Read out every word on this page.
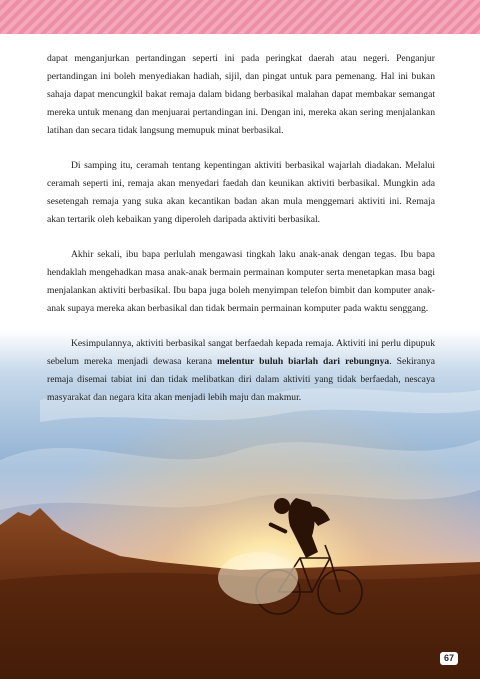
dapat menganjurkan pertandingan seperti ini pada peringkat daerah atau negeri. Penganjur pertandingan ini boleh menyediakan hadiah, sijil, dan pingat untuk para pemenang. Hal ini bukan sahaja dapat mencungkil bakat remaja dalam bidang berbasikal malahan dapat membakar semangat mereka untuk menang dan menjuarai pertandingan ini. Dengan ini, mereka akan sering menjalankan latihan dan secara tidak langsung memupuk minat berbasikal.

Di samping itu, ceramah tentang kepentingan aktiviti berbasikal wajarlah diadakan. Melalui ceramah seperti ini, remaja akan menyedari faedah dan keunikan aktiviti berbasikal. Mungkin ada sesetengah remaja yang suka akan kecantikan badan akan mula menggemari aktiviti ini. Remaja akan tertarik oleh kebaikan yang diperoleh daripada aktiviti berbasikal.

Akhir sekali, ibu bapa perlulah mengawasi tingkah laku anak-anak dengan tegas. Ibu bapa hendaklah mengehadkan masa anak-anak bermain permainan komputer serta menetapkan masa bagi menjalankan aktiviti berbasikal. Ibu bapa juga boleh menyimpan telefon bimbit dan komputer anak-anak supaya mereka akan berbasikal dan tidak bermain permainan komputer pada waktu senggang.

Kesimpulannya, aktiviti berbasikal sangat berfaedah kepada remaja. Aktiviti ini perlu dipupuk sebelum mereka menjadi dewasa kerana melentur buluh biarlah dari rebungnya. Sekiranya remaja disemai tabiat ini dan tidak melibatkan diri dalam aktiviti yang tidak berfaedah, nescaya masyarakat dan negara kita akan menjadi lebih maju dan makmur.

67
